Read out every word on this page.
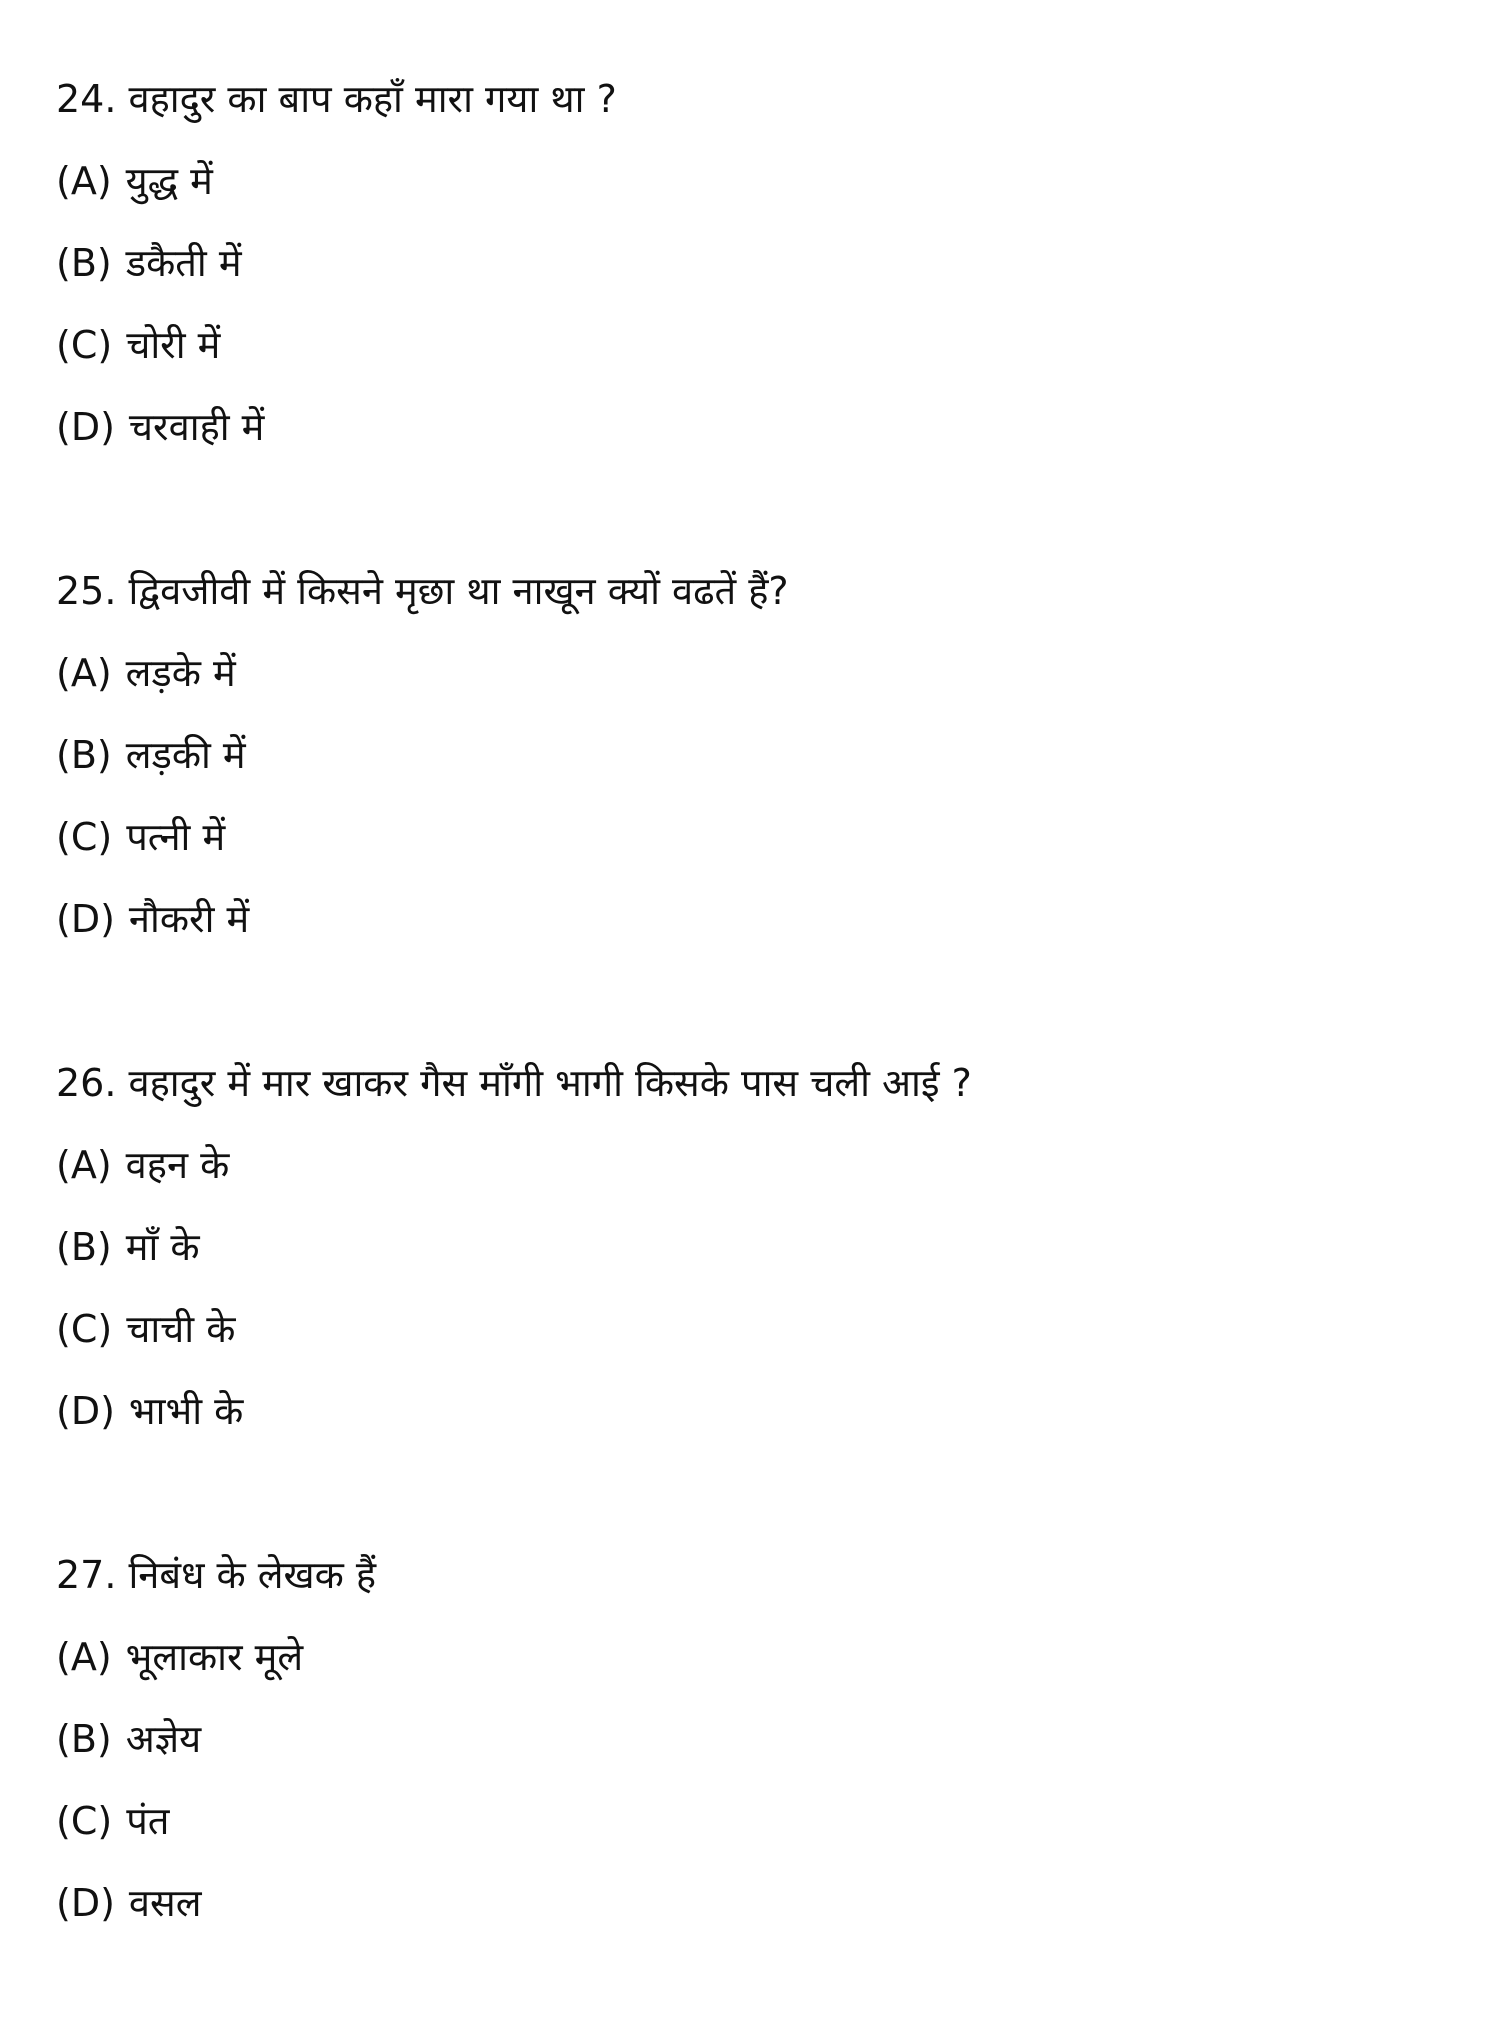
24. वहादुर का बाप कहाँ मारा गया था ?
(A) युद्ध में
(B) डकैती में
(C) चोरी में
(D) चरवाही में
25. द्विवजीवी में किसने मृछा था नाखून क्यों वढतें हैं?
(A) लड़के में
(B) लड़की में
(C) पत्नी में
(D) नौकरी में
26. वहादुर में मार खाकर गैस माँगी भागी किसके पास चली आई ?
(A) वहन के
(B) माँ के
(C) चाची के
(D) भाभी के
27. निबंध के लेखक हैं
(A) भूलाकार मूले
(B) अज्ञेय
(C) पंत
(D) वसल
